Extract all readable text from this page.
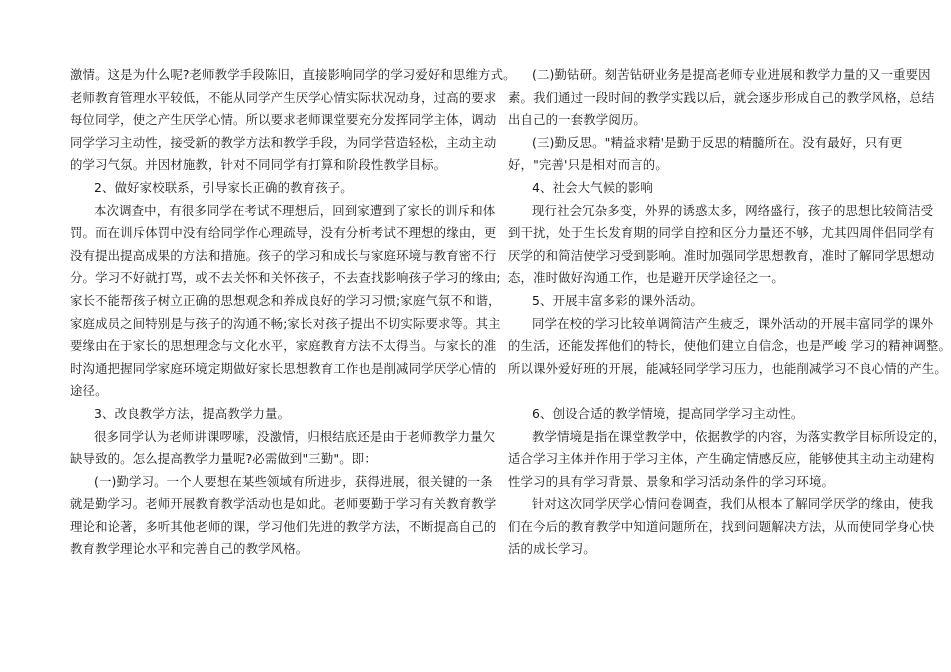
激情。这是为什么呢?老师教学手段陈旧，直接影响同学的学习爱好和思维方式。
老师教育管理水平较低，不能从同学产生厌学心情实际状况动身，过高的要求
每位同学，使之产生厌学心情。所以要求老师课堂要充分发挥同学主体，调动
同学学习主动性，接受新的教学方法和教学手段，为同学营造轻松，主动主动
的学习气氛。并因材施教，针对不同同学有打算和阶段性教学目标。
2、做好家校联系，引导家长正确的教育孩子。
本次调查中，有很多同学在考试不理想后，回到家遭到了家长的训斥和体
罚。而在训斥体罚中没有给同学作心理疏导，没有分析考试不理想的缘由，更
没有提出提高成果的方法和措施。孩子的学习和成长与家庭环境与教育密不行
分。学习不好就打骂，或不去关怀和关怀孩子，不去查找影响孩子学习的缘由;
家长不能帮孩子树立正确的思想观念和养成良好的学习习惯;家庭气氛不和谐，
家庭成员之间特别是与孩子的沟通不畅;家长对孩子提出不切实际要求等。其主
要缘由在于家长的思想理念与文化水平，家庭教育方法不太得当。与家长的准
时沟通把握同学家庭环境定期做好家长思想教育工作也是削减同学厌学心情的
途径。
3、改良教学方法，提高教学力量。
很多同学认为老师讲课啰嗦，没激情，归根结底还是由于老师教学力量欠
缺导致的。怎么提高教学力量呢?必需做到"三勤"。即：
(一)勤学习。一个人要想在某些领域有所进步，获得进展，很关键的一条
就是勤学习。老师开展教育教学活动也是如此。老师要勤于学习有关教育教学
理论和论著，多听其他老师的课，学习他们先进的教学方法，不断提高自己的
教育教学理论水平和完善自己的教学风格。
(二)勤钻研。刻苦钻研业务是提高老师专业进展和教学力量的又一重要因
素。我们通过一段时间的教学实践以后，就会逐步形成自己的教学风格，总结
出自己的一套教学阅历。
(三)勤反思。"精益求精'是勤于反思的精髓所在。没有最好，只有更
好，"完善'只是相对而言的。
4、社会大气候的影响
现行社会冗杂多变，外界的诱惑太多，网络盛行，孩子的思想比较简洁受
到干扰，处于生长发育期的同学自控和区分力量还不够，尤其四周伴侣同学有
厌学的和简洁使学习受到影响。准时加强同学思想教育，准时了解同学思想动
态，准时做好沟通工作，也是避开厌学途径之一。
5、开展丰富多彩的课外活动。
同学在校的学习比较单调简洁产生疲乏，课外活动的开展丰富同学的课外
的生活，还能发挥他们的特长，使他们建立自信念，也是严峻 学习的精神调整。
所以课外爱好班的开展，能减轻同学学习压力，也能削减学习不良心情的产生。
6、创设合适的教学情境，提高同学学习主动性。
教学情境是指在课堂教学中，依据教学的内容，为落实教学目标所设定的，
适合学习主体并作用于学习主体，产生确定情感反应，能够使其主动主动建构
性学习的具有学习背景、景象和学习活动条件的学习环境。
针对这次同学厌学心情问卷调查，我们从根本了解同学厌学的缘由，使我
们在今后的教育教学中知道问题所在，找到问题解决方法，从而使同学身心快
活的成长学习。
